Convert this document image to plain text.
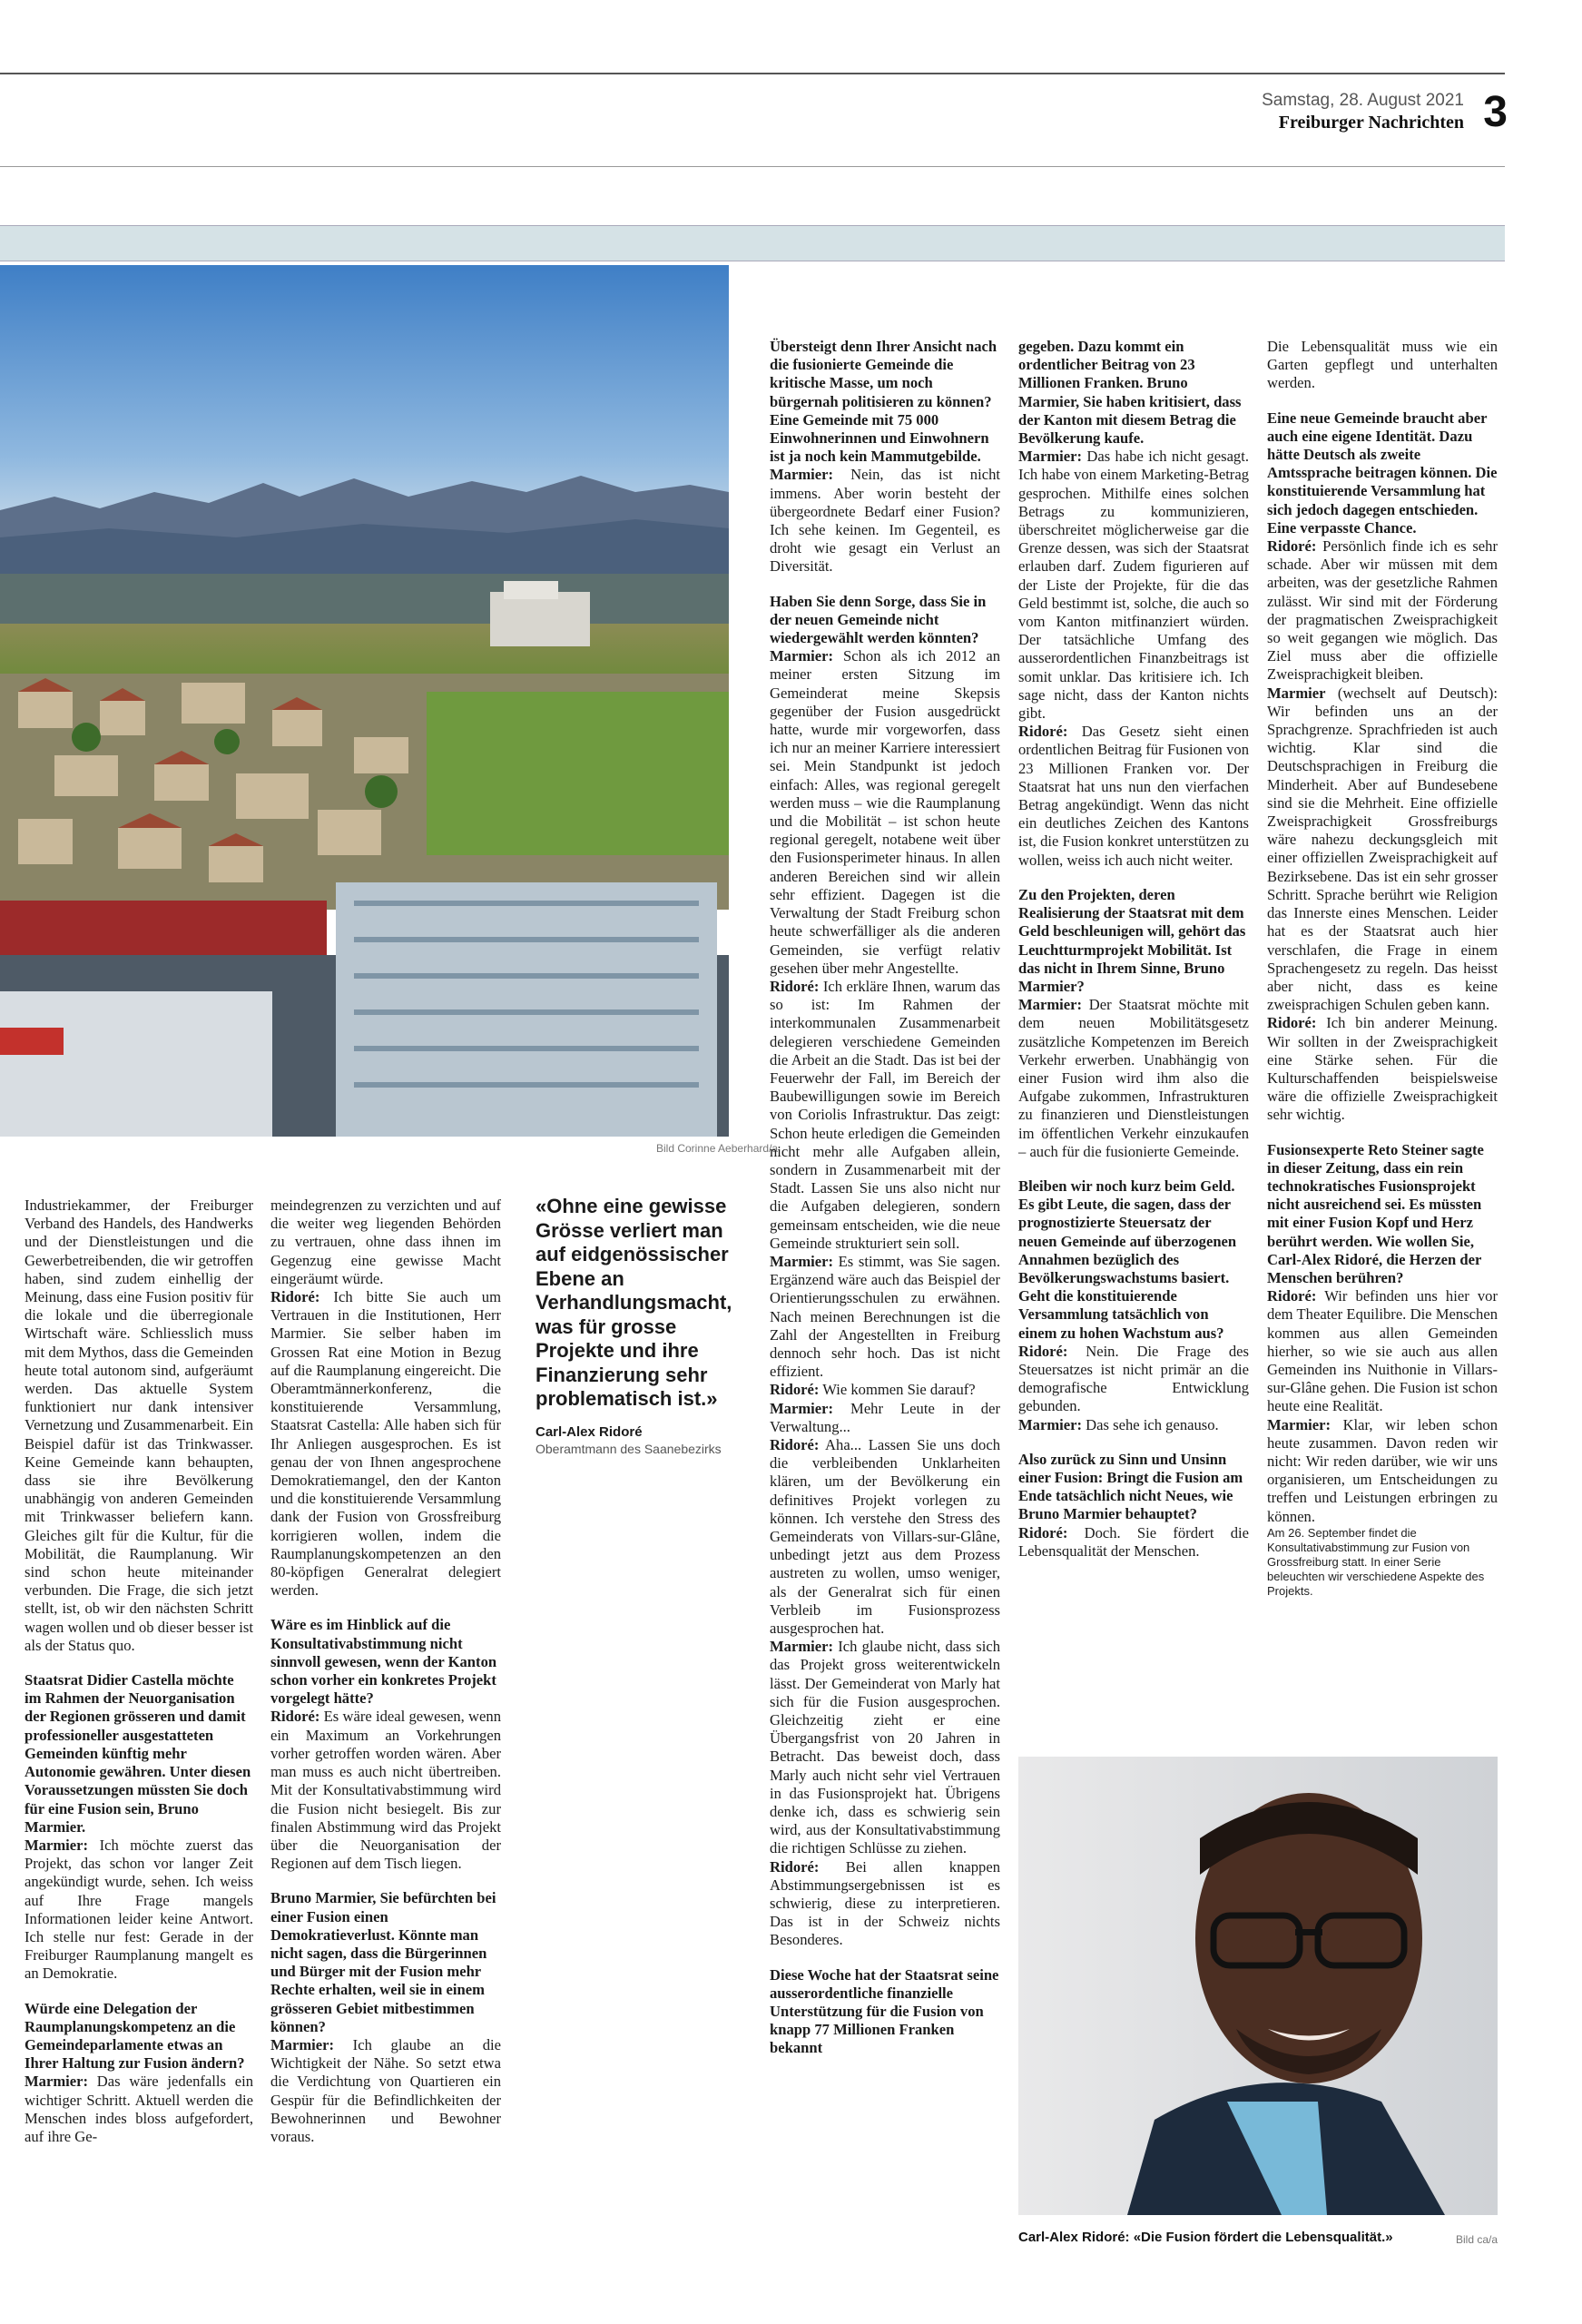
Samstag, 28. August 2021
Freiburger Nachrichten 3
Bild Corinne Aeberhard/a

Industriekammer, der Freiburger Verband des Handels, des Handwerks und der Dienstleistungen und die Gewerbetreibenden, die wir getroffen haben, sind zudem einhellig der Meinung, dass eine Fusion positiv für die lokale und die überregionale Wirtschaft wäre. Schliesslich muss mit dem Mythos, dass die Gemeinden heute total autonom sind, aufgeräumt werden. Das aktuelle System funktioniert nur dank intensiver Vernetzung und Zusammenarbeit. Ein Beispiel dafür ist das Trinkwasser. Keine Gemeinde kann behaupten, dass sie ihre Bevölkerung unabhängig von anderen Gemeinden mit Trinkwasser beliefern kann. Gleiches gilt für die Kultur, für die Mobilität, die Raumplanung. Wir sind schon heute miteinander verbunden. Die Frage, die sich jetzt stellt, ist, ob wir den nächsten Schritt wagen wollen und ob dieser besser ist als der Status quo.

Staatsrat Didier Castella möchte im Rahmen der Neuorganisation der Regionen grösseren und damit professioneller ausgestatteten Gemeinden künftig mehr Autonomie gewähren. Unter diesen Voraussetzungen müssten Sie doch für eine Fusion sein, Bruno Marmier.

Marmier: Ich möchte zuerst das Projekt, das schon vor langer Zeit angekündigt wurde, sehen. Ich weiss auf Ihre Frage mangels Informationen leider keine Antwort. Ich stelle nur fest: Gerade in der Freiburger Raumplanung mangelt es an Demokratie.

Würde eine Delegation der Raumplanungskompetenz an die Gemeindeparlamente etwas an Ihrer Haltung zur Fusion ändern?

Marmier: Das wäre jedenfalls ein wichtiger Schritt. Aktuell werden die Menschen indes bloss aufgefordert, auf ihre Ge-

meindegrenzen zu verzichten und auf die weiter weg liegenden Behörden zu vertrauen, ohne dass ihnen im Gegenzug eine gewisse Macht eingeräumt würde.

Ridoré: Ich bitte Sie auch um Vertrauen in die Institutionen, Herr Marmier. Sie selber haben im Grossen Rat eine Motion in Bezug auf die Raumplanung eingereicht. Die Oberamtmännerkonferenz, die konstituierende Versammlung, Staatsrat Castella: Alle haben sich für Ihr Anliegen ausgesprochen. Es ist genau der von Ihnen angesprochene Demokratiemangel, den der Kanton und die konstituierende Versammlung dank der Fusion von Grossfreiburg korrigieren wollen, indem die Raumplanungskompetenzen an den 80-köpfigen Generalrat delegiert werden.

Wäre es im Hinblick auf die Konsultativabstimmung nicht sinnvoll gewesen, wenn der Kanton schon vorher ein konkretes Projekt vorgelegt hätte?

Ridoré: Es wäre ideal gewesen, wenn ein Maximum an Vorkehrungen vorher getroffen worden wären. Aber man muss es auch nicht übertreiben. Mit der Konsultativabstimmung wird die Fusion nicht besiegelt. Bis zur finalen Abstimmung wird das Projekt über die Neuorganisation der Regionen auf dem Tisch liegen.

Bruno Marmier, Sie befürchten bei einer Fusion einen Demokratieverlust. Könnte man nicht sagen, dass die Bürgerinnen und Bürger mit der Fusion mehr Rechte erhalten, weil sie in einem grösseren Gebiet mitbestimmen können?

Marmier: Ich glaube an die Wichtigkeit der Nähe. So setzt etwa die Verdichtung von Quartieren ein Gespür für die Befindlichkeiten der Bewohnerinnen und Bewohner voraus.

Übersteigt denn Ihrer Ansicht nach die fusionierte Gemeinde die kritische Masse, um noch bürgernah politisieren zu können? Eine Gemeinde mit 75 000 Einwohnerinnen und Einwohnern ist ja noch kein Mammutgebilde.

Marmier: Nein, das ist nicht immens. Aber worin besteht der übergeordnete Bedarf einer Fusion? Ich sehe keinen. Im Gegenteil, es droht wie gesagt ein Verlust an Diversität.

Haben Sie denn Sorge, dass Sie in der neuen Gemeinde nicht wiedergewählt werden könnten?

Marmier: Schon als ich 2012 an meiner ersten Sitzung im Gemeinderat meine Skepsis gegenüber der Fusion ausgedrückt hatte, wurde mir vorgeworfen, dass ich nur an meiner Karriere interessiert sei. Mein Standpunkt ist jedoch einfach: Alles, was regional geregelt werden muss – wie die Raumplanung und die Mobilität – ist schon heute regional geregelt, notabene weit über den Fusionsperimeter hinaus. In allen anderen Bereichen sind wir allein sehr effizient. Dagegen ist die Verwaltung der Stadt Freiburg schon heute schwerfälliger als die anderen Gemeinden, sie verfügt relativ gesehen über mehr Angestellte.

Ridoré: Ich erkläre Ihnen, warum das so ist: Im Rahmen der interkommunalen Zusammenarbeit delegieren verschiedene Gemeinden die Arbeit an die Stadt. Das ist bei der Feuerwehr der Fall, im Bereich der Baubewilligungen sowie im Bereich von Coriolis Infrastruktur. Das zeigt: Schon heute erledigen die Gemeinden nicht mehr alle Aufgaben allein, sondern in Zusammenarbeit mit der Stadt. Lassen Sie uns also nicht nur die Aufgaben delegieren, sondern gemeinsam entscheiden, wie die neue Gemeinde strukturiert sein soll.

Marmier: Es stimmt, was Sie sagen. Ergänzend wäre auch das Beispiel der Orientierungsschulen zu erwähnen. Nach meinen Berechnungen ist die Zahl der Angestellten in Freiburg dennoch sehr hoch. Das ist nicht effizient.

Ridoré: Wie kommen Sie darauf?

Marmier: Mehr Leute in der Verwaltung...

Ridoré: Aha... Lassen Sie uns doch die verbleibenden Unklarheiten klären, um der Bevölkerung ein definitives Projekt vorlegen zu können. Ich verstehe den Stress des Gemeinderats von Villars-sur-Glâne, unbedingt jetzt aus dem Prozess austreten zu wollen, umso weniger, als der Generalrat sich für einen Verbleib im Fusionsprozess ausgesprochen hat.

Marmier: Ich glaube nicht, dass sich das Projekt gross weiterentwickeln lässt. Der Gemeinderat von Marly hat sich für die Fusion ausgesprochen. Gleichzeitig zieht er eine Übergangsfrist von 20 Jahren in Betracht. Das beweist doch, dass Marly auch nicht sehr viel Vertrauen in das Fusionsprojekt hat. Übrigens denke ich, dass es schwierig sein wird, aus der Konsultativabstimmung die richtigen Schlüsse zu ziehen.

Ridoré: Bei allen knappen Abstimmungsergebnissen ist es schwierig, diese zu interpretieren. Das ist in der Schweiz nichts Besonderes.

Diese Woche hat der Staatsrat seine ausserordentliche finanzielle Unterstützung für die Fusion von knapp 77 Millionen Franken bekannt

gegeben. Dazu kommt ein ordentlicher Beitrag von 23 Millionen Franken. Bruno Marmier, Sie haben kritisiert, dass der Kanton mit diesem Betrag die Bevölkerung kaufe.

Marmier: Das habe ich nicht gesagt. Ich habe von einem Marketing-Betrag gesprochen. Mithilfe eines solchen Betrags zu kommunizieren, überschreitet möglicherweise gar die Grenze dessen, was sich der Staatsrat erlauben darf. Zudem figurieren auf der Liste der Projekte, für die das Geld bestimmt ist, solche, die auch so vom Kanton mitfinanziert würden. Der tatsächliche Umfang des ausserordentlichen Finanzbeitrags ist somit unklar. Das kritisiere ich. Ich sage nicht, dass der Kanton nichts gibt.

Ridoré: Das Gesetz sieht einen ordentlichen Beitrag für Fusionen von 23 Millionen Franken vor. Der Staatsrat hat uns nun den vierfachen Betrag angekündigt. Wenn das nicht ein deutliches Zeichen des Kantons ist, die Fusion konkret unterstützen zu wollen, weiss ich auch nicht weiter.

Zu den Projekten, deren Realisierung der Staatsrat mit dem Geld beschleunigen will, gehört das Leuchtturmprojekt Mobilität. Ist das nicht in Ihrem Sinne, Bruno Marmier?

Marmier: Der Staatsrat möchte mit dem neuen Mobilitätsgesetz zusätzliche Kompetenzen im Bereich Verkehr erwerben. Unabhängig von einer Fusion wird ihm also die Aufgabe zukommen, Infrastrukturen zu finanzieren und Dienstleistungen im öffentlichen Verkehr einzukaufen – auch für die fusionierte Gemeinde.

Bleiben wir noch kurz beim Geld. Es gibt Leute, die sagen, dass der prognostizierte Steuersatz der neuen Gemeinde auf überzogenen Annahmen bezüglich des Bevölkerungswachstums basiert. Geht die konstituierende Versammlung tatsächlich von einem zu hohen Wachstum aus?

Ridoré: Nein. Die Frage des Steuersatzes ist nicht primär an die demografische Entwicklung gebunden.

Marmier: Das sehe ich genauso.

Also zurück zu Sinn und Unsinn einer Fusion: Bringt die Fusion am Ende tatsächlich nicht Neues, wie Bruno Marmier behauptet?

Ridoré: Doch. Sie fördert die Lebensqualität der Menschen.

Die Lebensqualität muss wie ein Garten gepflegt und unterhalten werden.

Eine neue Gemeinde braucht aber auch eine eigene Identität. Dazu hätte Deutsch als zweite Amtssprache beitragen können. Die konstituierende Versammlung hat sich jedoch dagegen entschieden. Eine verpasste Chance.

Ridoré: Persönlich finde ich es sehr schade. Aber wir müssen mit dem arbeiten, was der gesetzliche Rahmen zulässt. Wir sind mit der Förderung der pragmatischen Zweisprachigkeit so weit gegangen wie möglich. Das Ziel muss aber die offizielle Zweisprachigkeit bleiben.

Marmier (wechselt auf Deutsch): Wir befinden uns an der Sprachgrenze. Sprachfrieden ist auch wichtig. Klar sind die Deutschsprachigen in Freiburg die Minderheit. Aber auf Bundesebene sind sie die Mehrheit. Eine offizielle Zweisprachigkeit Grossfreiburgs wäre nahezu deckungsgleich mit einer offiziellen Zweisprachigkeit auf Bezirksebene. Das ist ein sehr grosser Schritt. Sprache berührt wie Religion das Innerste eines Menschen. Leider hat es der Staatsrat auch hier verschlafen, die Frage in einem Sprachengesetz zu regeln. Das heisst aber nicht, dass es keine zweisprachigen Schulen geben kann.

Ridoré: Ich bin anderer Meinung. Wir sollten in der Zweisprachigkeit eine Stärke sehen. Für die Kulturschaffenden beispielsweise wäre die offizielle Zweisprachigkeit sehr wichtig.

Fusionsexperte Reto Steiner sagte in dieser Zeitung, dass ein rein technokratisches Fusionsprojekt nicht ausreichend sei. Es müssten mit einer Fusion Kopf und Herz berührt werden. Wie wollen Sie, Carl-Alex Ridoré, die Herzen der Menschen berühren?

Ridoré: Wir befinden uns hier vor dem Theater Equilibre. Die Menschen kommen aus allen Gemeinden hierher, so wie sie auch aus allen Gemeinden ins Nuithonie in Villars-sur-Glâne gehen. Die Fusion ist schon heute eine Realität.

Marmier: Klar, wir leben schon heute zusammen. Davon reden wir nicht: Wir reden darüber, wie wir uns organisieren, um Entscheidungen zu treffen und Leistungen erbringen zu können.

Am 26. September findet die Konsultativabstimmung zur Fusion von Grossfreiburg statt. In einer Serie beleuchten wir verschiedene Aspekte des Projekts.

«Ohne eine gewisse Grösse verliert man auf eidgenössischer Ebene an Verhandlungsmacht, was für grosse Projekte und ihre Finanzierung sehr problematisch ist.»
Carl-Alex Ridoré
Oberamtmann des Saanebezirks
Carl-Alex Ridoré: «Die Fusion fördert die Lebensqualität.»	Bild ca/a
